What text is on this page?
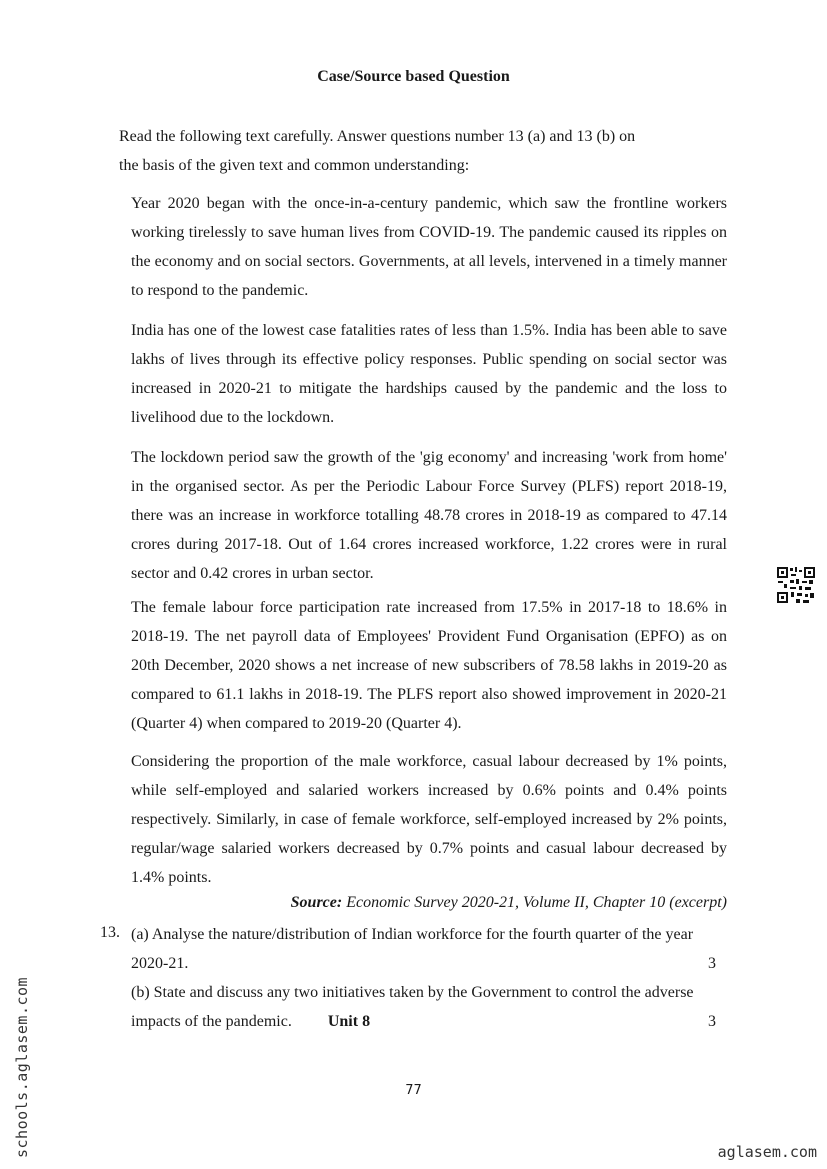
Case/Source based Question
Read the following text carefully. Answer questions number 13 (a) and 13 (b) on
the basis of the given text and common understanding:
Year 2020 began with the once-in-a-century pandemic, which saw the frontline workers working tirelessly to save human lives from COVID-19. The pandemic caused its ripples on the economy and on social sectors. Governments, at all levels, intervened in a timely manner to respond to the pandemic.
India has one of the lowest case fatalities rates of less than 1.5%. India has been able to save lakhs of lives through its effective policy responses. Public spending on social sector was increased in 2020-21 to mitigate the hardships caused by the pandemic and the loss to livelihood due to the lockdown.
The lockdown period saw the growth of the 'gig economy' and increasing 'work from home' in the organised sector. As per the Periodic Labour Force Survey (PLFS) report 2018-19, there was an increase in workforce totalling 48.78 crores in 2018-19 as compared to 47.14 crores during 2017-18. Out of 1.64 crores increased workforce, 1.22 crores were in rural sector and 0.42 crores in urban sector.
The female labour force participation rate increased from 17.5% in 2017-18 to 18.6% in 2018-19. The net payroll data of Employees' Provident Fund Organisation (EPFO) as on 20th December, 2020 shows a net increase of new subscribers of 78.58 lakhs in 2019-20 as compared to 61.1 lakhs in 2018-19. The PLFS report also showed improvement in 2020-21 (Quarter 4) when compared to 2019-20 (Quarter 4).
Considering the proportion of the male workforce, casual labour decreased by 1% points, while self-employed and salaried workers increased by 0.6% points and 0.4% points respectively. Similarly, in case of female workforce, self-employed increased by 2% points, regular/wage salaried workers decreased by 0.7% points and casual labour decreased by 1.4% points.
Source: Economic Survey 2020-21, Volume II, Chapter 10 (excerpt)
13. (a) Analyse the nature/distribution of Indian workforce for the fourth quarter of the year
2020-21.	3
(b) State and discuss any two initiatives taken by the Government to control the adverse
impacts of the pandemic. Unit 8	3
77
schools.aglasem.com	aglasem.com
